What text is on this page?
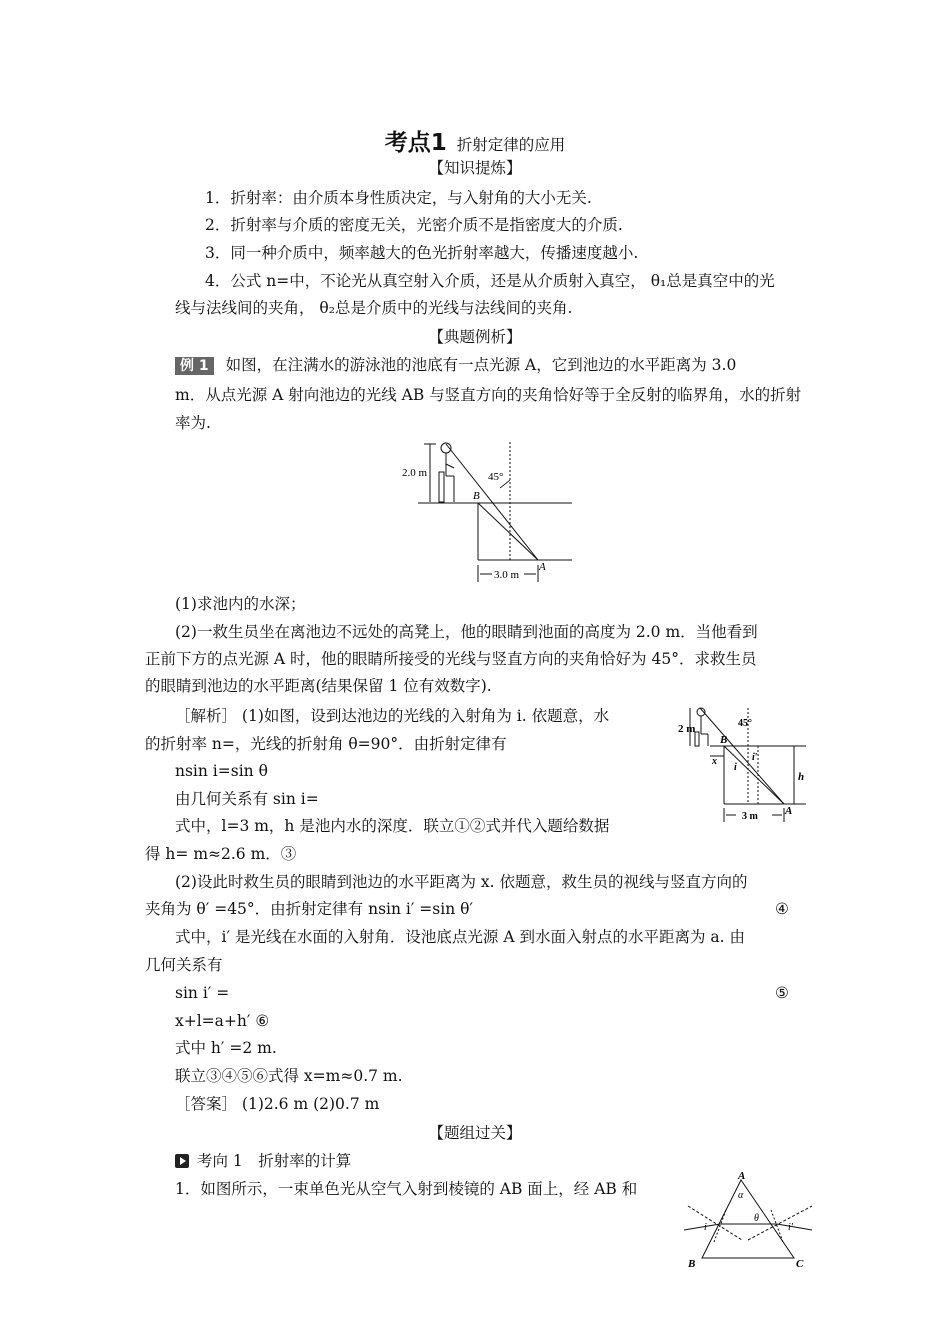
考点1 折射定律的应用
【知识提炼】
1．折射率：由介质本身性质决定，与入射角的大小无关.
2．折射率与介质的密度无关，光密介质不是指密度大的介质.
3．同一种介质中，频率越大的色光折射率越大，传播速度越小.
4．公式 n=中，不论光从真空射入介质，还是从介质射入真空， θ₁总是真空中的光
线与法线间的夹角， θ₂总是介质中的光线与法线间的夹角.
【典题例析】
例 1 如图，在注满水的游泳池的池底有一点光源 A，它到池边的水平距离为 3.0
m．从点光源 A 射向池边的光线 AB 与竖直方向的夹角恰好等于全反射的临界角，水的折射
率为.
2.0 m	45°
B
A
3.0 m
(1)求池内的水深；
(2)一救生员坐在离池边不远处的高凳上，他的眼睛到池面的高度为 2.0 m．当他看到
正前下方的点光源 A 时，他的眼睛所接受的光线与竖直方向的夹角恰好为 45°．求救生员
的眼睛到池边的水平距离(结果保留 1 位有效数字).
［解析］ (1)如图，设到达池边的光线的入射角为 i. 依题意，水
的折射率 n=，光线的折射角 θ=90°．由折射定律有
nsin i=sin θ
由几何关系有 sin i=
式中，l=3 m，h 是池内水的深度．联立①②式并代入题给数据
得 h= m≈2.6 m．③
(2)设此时救生员的眼睛到池边的水平距离为 x. 依题意，救生员的视线与竖直方向的
夹角为 θ′ =45°．由折射定律有 nsin i′ =sin θ′	④
式中，i′ 是光线在水面的入射角．设池底点光源 A 到水面入射点的水平距离为 a. 由
几何关系有
sin i′ =	⑤
x+l=a+h′ ⑥
式中 h′ =2 m.
联立③④⑤⑥式得 x=m≈0.7 m.
［答案］ (1)2.6 m (2)0.7 m
2 m	45°
B
x
i
i′
h
A
3 m
【题组过关】
考向 1　折射率的计算
1．如图所示，一束单色光从空气入射到棱镜的 AB 面上，经 AB 和
A
α
i
θ
i′
B	C
